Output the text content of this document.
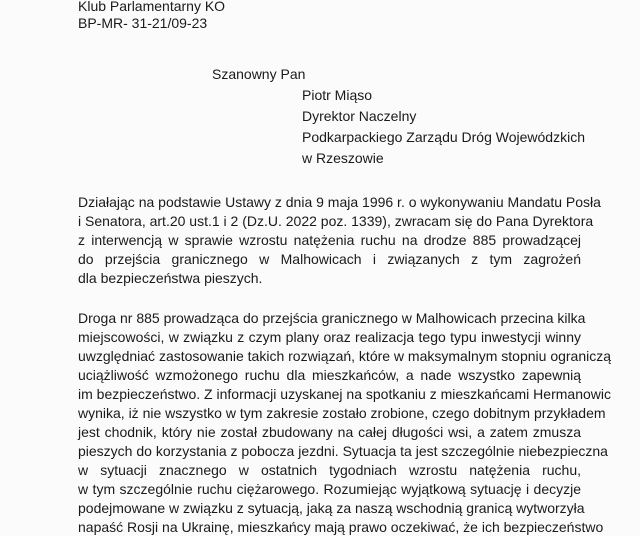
Klub Parlamentarny KO
BP-MR- 31-21/09-23
Szanowny Pan
Piotr Miąso
Dyrektor Naczelny
Podkarpackiego Zarządu Dróg Wojewódzkich
w Rzeszowie
Działając na podstawie Ustawy z dnia 9 maja 1996 r. o wykonywaniu Mandatu Posła
i Senatora, art.20 ust.1 i 2 (Dz.U. 2022 poz. 1339), zwracam się do Pana Dyrektora
z interwencją w sprawie wzrostu natężenia ruchu na drodze 885 prowadzącej
do przejścia granicznego w Malhowicach i związanych z tym zagrożeń
dla bezpieczeństwa pieszych.
Droga nr 885 prowadząca do przejścia granicznego w Malhowicach przecina kilka
miejscowości, w związku z czym plany oraz realizacja tego typu inwestycji winny
uwzględniać zastosowanie takich rozwiązań, które w maksymalnym stopniu ograniczą
uciążliwość wzmożonego ruchu dla mieszkańców, a nade wszystko zapewnią
im bezpieczeństwo. Z informacji uzyskanej na spotkaniu z mieszkańcami Hermanowic
wynika, iż nie wszystko w tym zakresie zostało zrobione, czego dobitnym przykładem
jest chodnik, który nie został zbudowany na całej długości wsi, a zatem zmusza
pieszych do korzystania z pobocza jezdni. Sytuacja ta jest szczególnie niebezpieczna
w sytuacji znacznego w ostatnich tygodniach wzrostu natężenia ruchu,
w tym szczególnie ruchu ciężarowego. Rozumiejąc wyjątkową sytuację i decyzje
podejmowane w związku z sytuacją, jaką za naszą wschodnią granicą wytworzyła
napaść Rosji na Ukrainę, mieszkańcy mają prawo oczekiwać, że ich bezpieczeństwo
